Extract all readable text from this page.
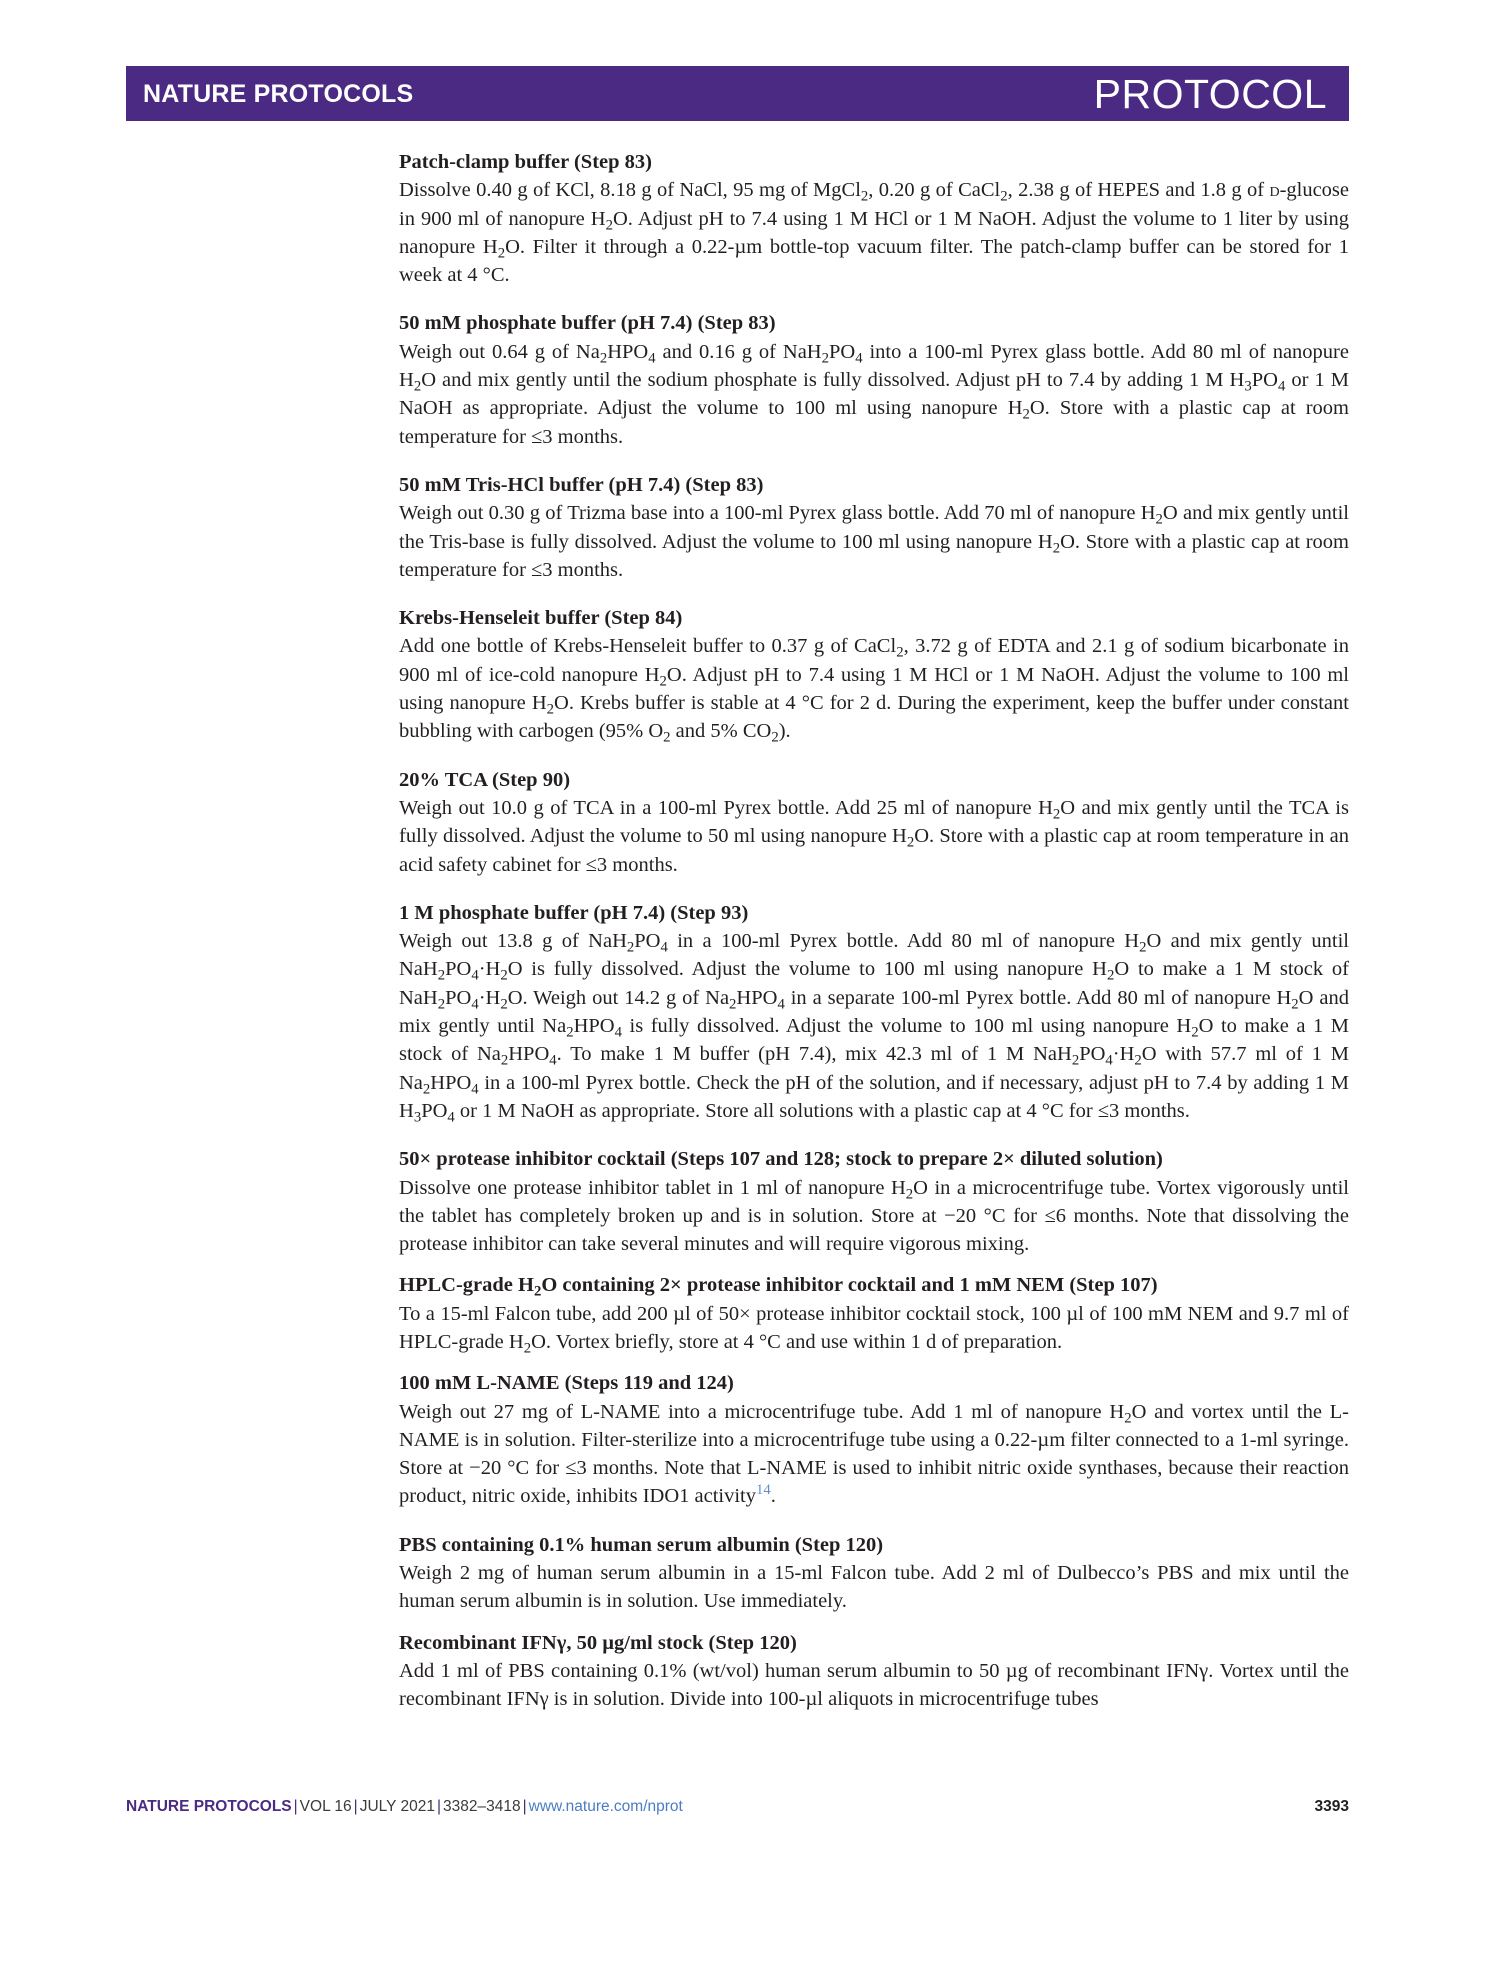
NATURE PROTOCOLS	PROTOCOL
Patch-clamp buffer (Step 83)
Dissolve 0.40 g of KCl, 8.18 g of NaCl, 95 mg of MgCl$_2$, 0.20 g of CaCl$_2$, 2.38 g of HEPES and 1.8 g of d-glucose in 900 ml of nanopure $H_2O$. Adjust pH to 7.4 using 1 M HCl or 1 M NaOH. Adjust the volume to 1 liter by using nanopure $H_2O$. Filter it through a 0.22-µm bottle-top vacuum filter. The patch-clamp buffer can be stored for 1 week at 4 °C.
50 mM phosphate buffer (pH 7.4) (Step 83)
Weigh out 0.64 g of $Na_2HPO_4$ and 0.16 g of $NaH_2PO_4$ into a 100-ml Pyrex glass bottle. Add 80 ml of nanopure $H_2O$ and mix gently until the sodium phosphate is fully dissolved. Adjust pH to 7.4 by adding 1 M $H_3PO_4$ or 1 M NaOH as appropriate. Adjust the volume to 100 ml using nanopure $H_2O$. Store with a plastic cap at room temperature for ≤3 months.
50 mM Tris-HCl buffer (pH 7.4) (Step 83)
Weigh out 0.30 g of Trizma base into a 100-ml Pyrex glass bottle. Add 70 ml of nanopure $H_2O$ and mix gently until the Tris-base is fully dissolved. Adjust the volume to 100 ml using nanopure $H_2O$. Store with a plastic cap at room temperature for ≤3 months.
Krebs-Henseleit buffer (Step 84)
Add one bottle of Krebs-Henseleit buffer to 0.37 g of CaCl$_2$, 3.72 g of EDTA and 2.1 g of sodium bicarbonate in 900 ml of ice-cold nanopure $H_2O$. Adjust pH to 7.4 using 1 M HCl or 1 M NaOH. Adjust the volume to 100 ml using nanopure $H_2O$. Krebs buffer is stable at 4 °C for 2 d. During the experiment, keep the buffer under constant bubbling with carbogen (95% $O_2$ and 5% $CO_2$).
20% TCA (Step 90)
Weigh out 10.0 g of TCA in a 100-ml Pyrex bottle. Add 25 ml of nanopure $H_2O$ and mix gently until the TCA is fully dissolved. Adjust the volume to 50 ml using nanopure $H_2O$. Store with a plastic cap at room temperature in an acid safety cabinet for ≤3 months.
1 M phosphate buffer (pH 7.4) (Step 93)
Weigh out 13.8 g of $NaH_2PO_4$ in a 100-ml Pyrex bottle. Add 80 ml of nanopure $H_2O$ and mix gently until $NaH_2PO_4\cdot H_2O$ is fully dissolved. Adjust the volume to 100 ml using nanopure $H_2O$ to make a 1 M stock of $NaH_2PO_4\cdot H_2O$. Weigh out 14.2 g of $Na_2HPO_4$ in a separate 100-ml Pyrex bottle. Add 80 ml of nanopure $H_2O$ and mix gently until $Na_2HPO_4$ is fully dissolved. Adjust the volume to 100 ml using nanopure $H_2O$ to make a 1 M stock of $Na_2HPO_4$. To make 1 M buffer (pH 7.4), mix 42.3 ml of 1 M $NaH_2PO_4\cdot H_2O$ with 57.7 ml of 1 M $Na_2HPO_4$ in a 100-ml Pyrex bottle. Check the pH of the solution, and if necessary, adjust pH to 7.4 by adding 1 M $H_3PO_4$ or 1 M NaOH as appropriate. Store all solutions with a plastic cap at 4 °C for ≤3 months.
50× protease inhibitor cocktail (Steps 107 and 128; stock to prepare 2× diluted solution)
Dissolve one protease inhibitor tablet in 1 ml of nanopure $H_2O$ in a microcentrifuge tube. Vortex vigorously until the tablet has completely broken up and is in solution. Store at −20 °C for ≤6 months. Note that dissolving the protease inhibitor can take several minutes and will require vigorous mixing.
HPLC-grade $H_2O$ containing 2× protease inhibitor cocktail and 1 mM NEM (Step 107)
To a 15-ml Falcon tube, add 200 µl of 50× protease inhibitor cocktail stock, 100 µl of 100 mM NEM and 9.7 ml of HPLC-grade $H_2O$. Vortex briefly, store at 4 °C and use within 1 d of preparation.
100 mM L-NAME (Steps 119 and 124)
Weigh out 27 mg of L-NAME into a microcentrifuge tube. Add 1 ml of nanopure $H_2O$ and vortex until the L-NAME is in solution. Filter-sterilize into a microcentrifuge tube using a 0.22-µm filter connected to a 1-ml syringe. Store at −20 °C for ≤3 months. Note that L-NAME is used to inhibit nitric oxide synthases, because their reaction product, nitric oxide, inhibits IDO1 activity$^{14}$.
PBS containing 0.1% human serum albumin (Step 120)
Weigh 2 mg of human serum albumin in a 15-ml Falcon tube. Add 2 ml of Dulbecco’s PBS and mix until the human serum albumin is in solution. Use immediately.
Recombinant IFNγ, 50 µg/ml stock (Step 120)
Add 1 ml of PBS containing 0.1% (wt/vol) human serum albumin to 50 µg of recombinant IFNγ. Vortex until the recombinant IFNγ is in solution. Divide into 100-µl aliquots in microcentrifuge tubes
NATURE PROTOCOLS | VOL 16 | JULY 2021 | 3382–3418 | www.nature.com/nprot	3393
